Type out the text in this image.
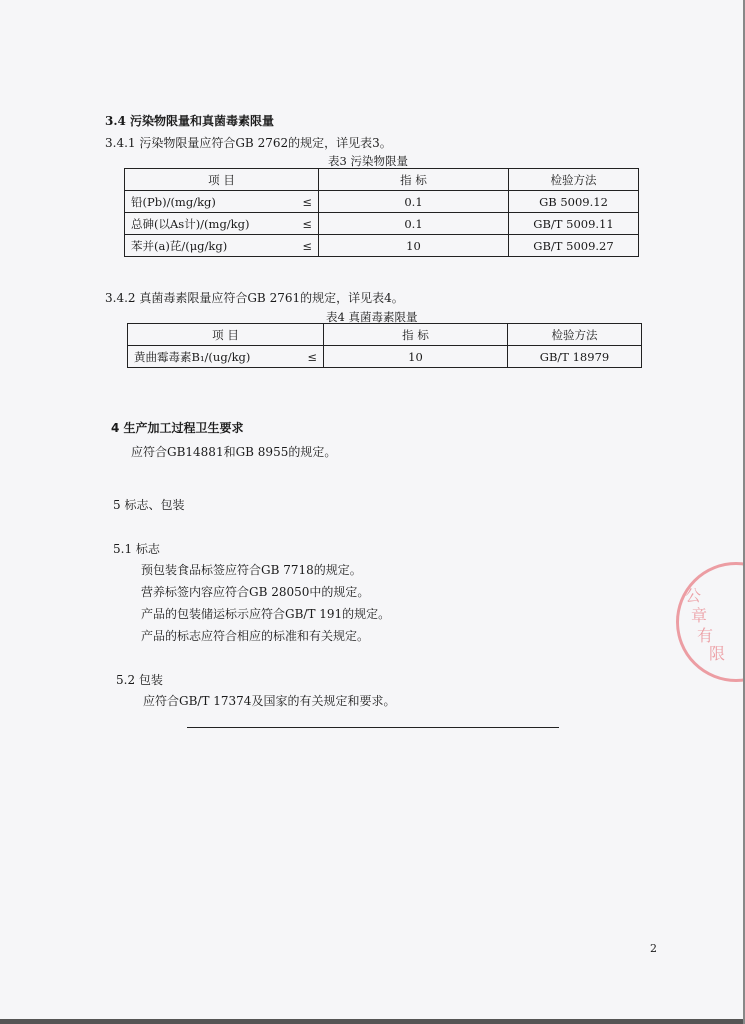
3.4 污染物限量和真菌毒素限量
3.4.1 污染物限量应符合GB 2762的规定，详见表3。
表3 污染物限量
项 目	指 标	检验方法
铅(Pb)/(mg/kg) ≤	0.1	GB 5009.12
总砷(以As计)/(mg/kg) ≤	0.1	GB/T 5009.11
苯并(a)芘/(μg/kg) ≤	10	GB/T 5009.27
3.4.2 真菌毒素限量应符合GB 2761的规定，详见表4。
表4 真菌毒素限量
项 目	指 标	检验方法
黄曲霉毒素B₁/(ug/kg) ≤	10	GB/T 18979
4 生产加工过程卫生要求
应符合GB14881和GB 8955的规定。
5 标志、包装
5.1 标志
预包装食品标签应符合GB 7718的规定。
营养标签内容应符合GB 28050中的规定。
产品的包装储运标示应符合GB/T 191的规定。
产品的标志应符合相应的标准和有关规定。
5.2 包装
应符合GB/T 17374及国家的有关规定和要求。
章
有
限
公
2
